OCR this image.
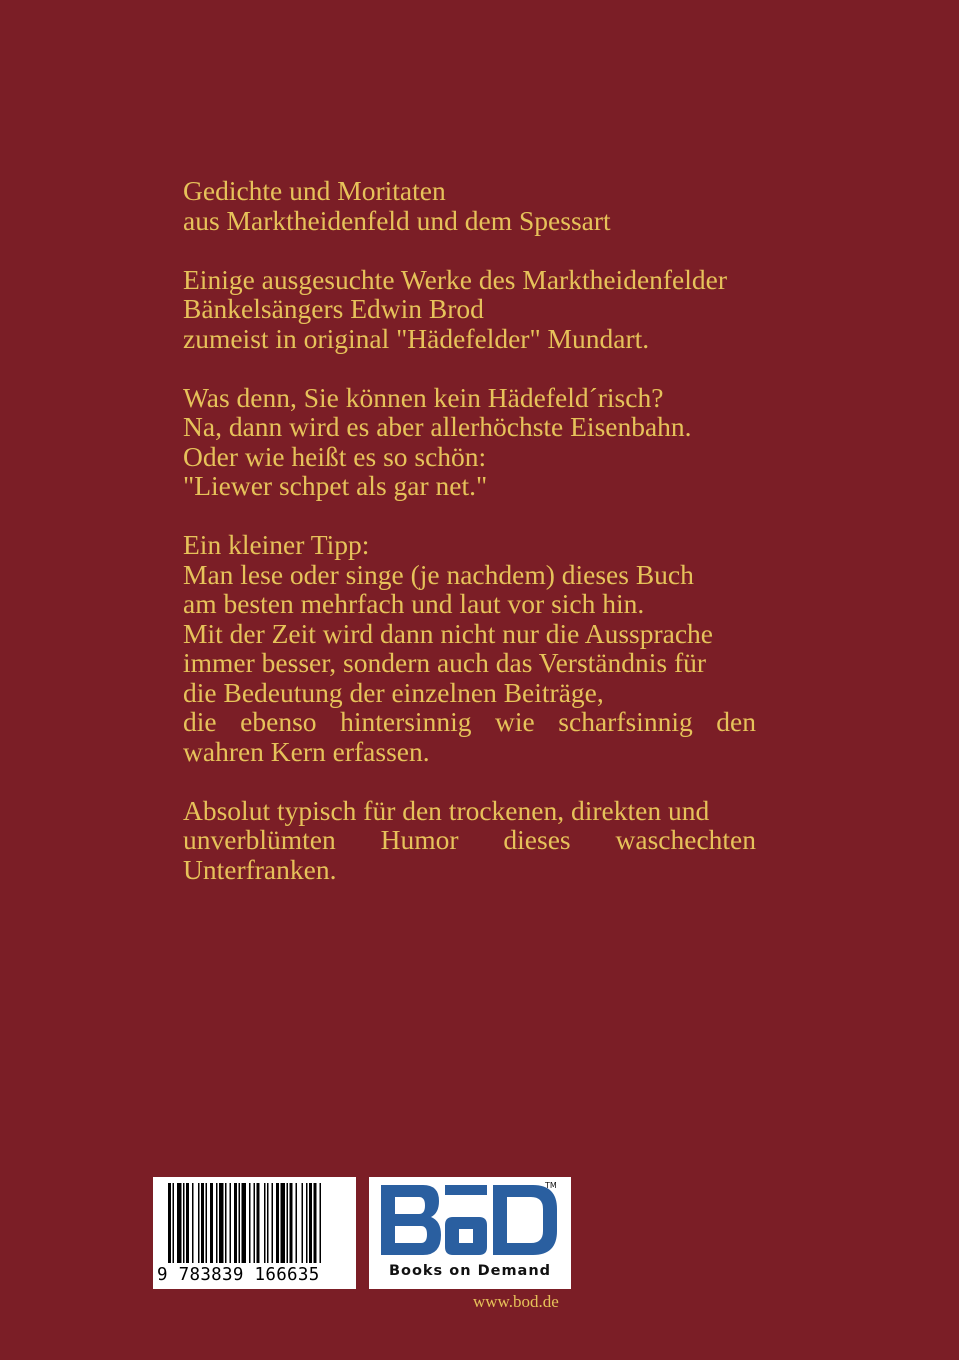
Gedichte und Moritaten
aus Marktheidenfeld und dem Spessart

Einige ausgesuchte Werke des Marktheidenfelder
Bänkelsängers Edwin Brod
zumeist in original "Hädefelder" Mundart.

Was denn, Sie können kein Hädefeld´risch?
Na, dann wird es aber allerhöchste Eisenbahn.
Oder wie heißt es so schön:
"Liewer schpet als gar net."

Ein kleiner Tipp:
Man lese oder singe (je nachdem) dieses Buch
am besten mehrfach und laut vor sich hin.
Mit der Zeit wird dann nicht nur die Aussprache
immer besser, sondern auch das Verständnis für
die Bedeutung der einzelnen Beiträge,
die ebenso hintersinnig wie scharfsinnig den
wahren Kern erfassen.

Absolut typisch für den trockenen, direkten und
unverblümten Humor dieses waschechten
Unterfranken.

9 783839 166635
TM
Books on Demand
www.bod.de
